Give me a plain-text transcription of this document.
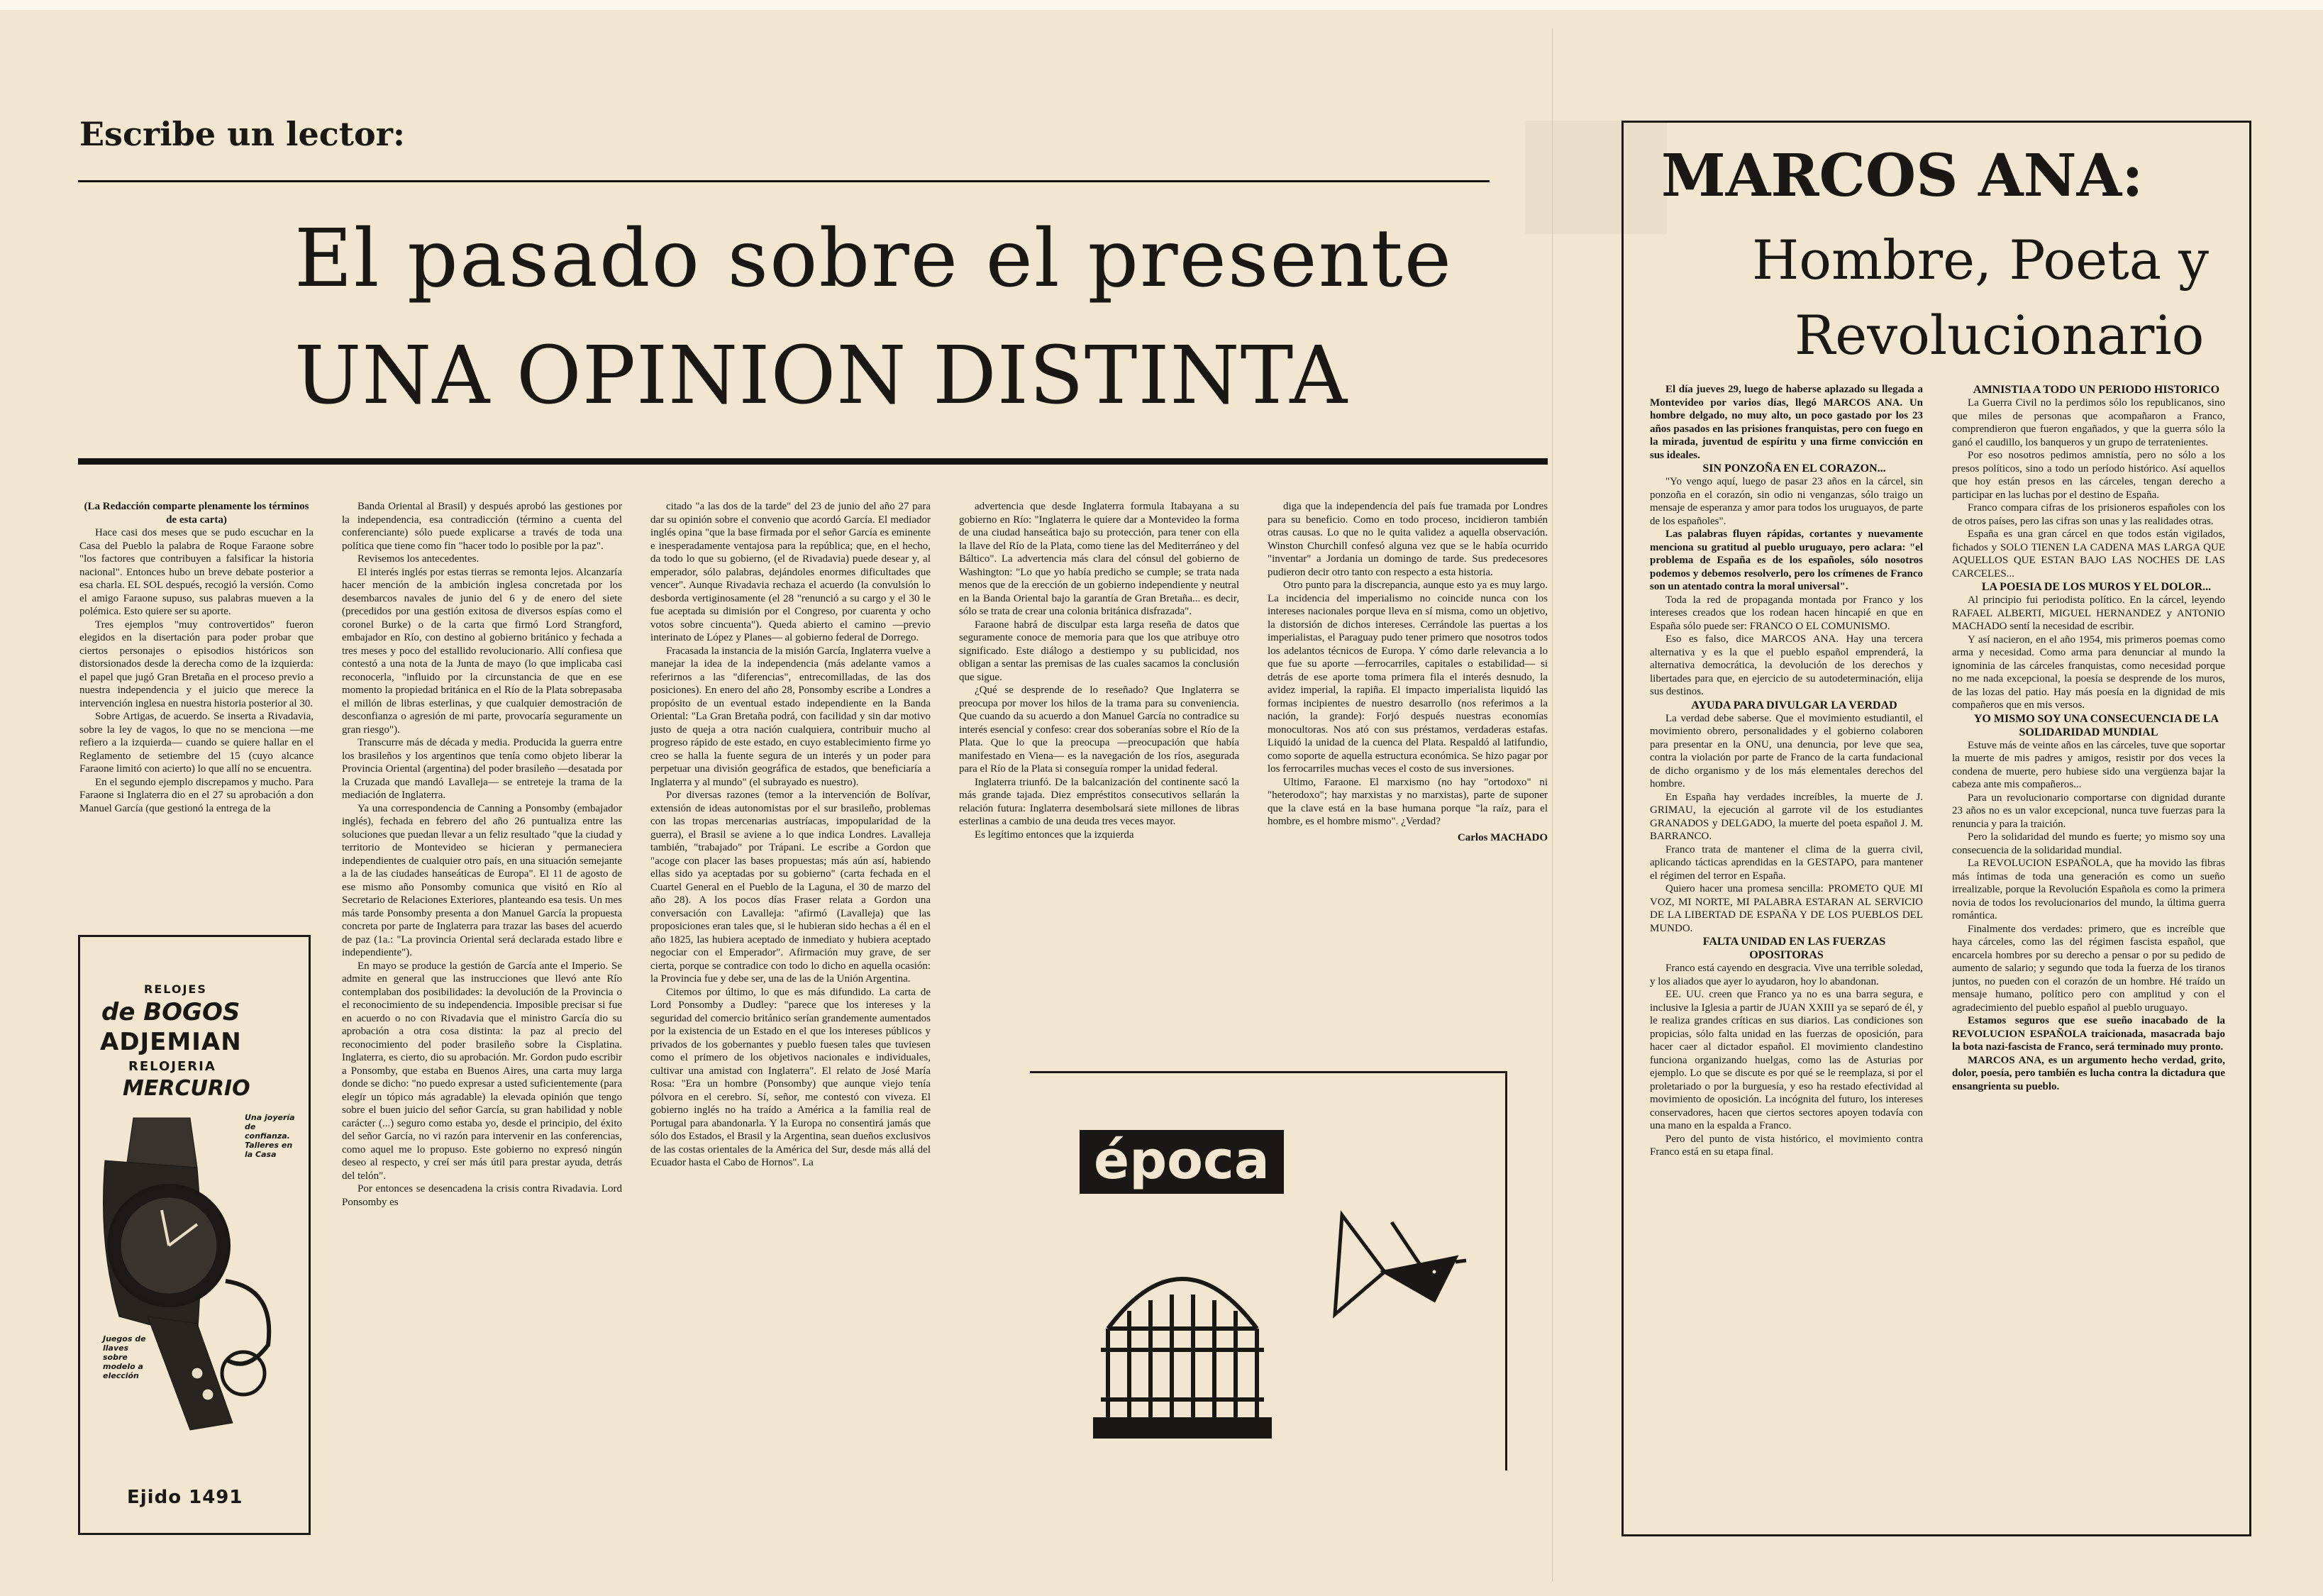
Escribe un lector:
El pasado sobre el presente
UNA OPINION DISTINTA

(La Redacción comparte plenamente los términos de esta carta)

Hace casi dos meses que se pudo escuchar en la Casa del Pueblo la palabra de Roque Faraone sobre "los factores que contribuyen a falsificar la historia nacional". Entonces hubo un breve debate posterior a esa charla. EL SOL después, recogió la versión. Como el amigo Faraone supuso, sus palabras mueven a la polémica. Esto quiere ser su aporte.

Tres ejemplos "muy controvertidos" fueron elegidos en la disertación para poder probar que ciertos personajes o episodios históricos son distorsionados desde la derecha como de la izquierda: el papel que jugó Gran Bretaña en el proceso previo a nuestra independencia y el juicio que merece la intervención inglesa en nuestra historia posterior al 30.

Sobre Artigas, de acuerdo. Se inserta a Rivadavia, sobre la ley de vagos, lo que no se menciona —me refiero a la izquierda— cuando se quiere hallar en el Reglamento de setiembre del 15 (cuyo alcance Faraone limitó con acierto) lo que allí no se encuentra.

En el segundo ejemplo discrepamos y mucho. Para Faraone si Inglaterra dio en el 27 su aprobación a don Manuel García (que gestionó la entrega de la

RELOJES
de BOGOS
ADJEMIAN
RELOJERIA
MERCURIO
Una joyería de confianza. Talleres en la Casa
Juegos de llaves sobre modelo a elección
Ejido 1491

Banda Oriental al Brasil) y después aprobó las gestiones por la independencia, esa contradicción (término a cuenta del conferenciante) sólo puede explicarse a través de toda una política que tiene como fin "hacer todo lo posible por la paz".

Revisemos los antecedentes.

El interés inglés por estas tierras se remonta lejos. Alcanzaría hacer mención de la ambición inglesa concretada por los desembarcos navales de junio del 6 y de enero del siete (precedidos por una gestión exitosa de diversos espías como el coronel Burke) o de la carta que firmó Lord Strangford, embajador en Río, con destino al gobierno británico y fechada a tres meses y poco del estallido revolucionario. Allí confiesa que contestó a una nota de la Junta de mayo (lo que implicaba casi reconocerla, "influido por la circunstancia de que en ese momento la propiedad británica en el Río de la Plata sobrepasaba el millón de libras esterlinas, y que cualquier demostración de desconfianza o agresión de mi parte, provocaría seguramente un gran riesgo").

Transcurre más de década y media. Producida la guerra entre los brasileños y los argentinos que tenía como objeto liberar la Provincia Oriental (argentina) del poder brasileño —desatada por la Cruzada que mandó Lavalleja— se entreteje la trama de la mediación de Inglaterra.

Ya una correspondencia de Canning a Ponsomby (embajador inglés), fechada en febrero del año 26 puntualiza entre las soluciones que puedan llevar a un feliz resultado "que la ciudad y territorio de Montevideo se hicieran y permaneciera independientes de cualquier otro país, en una situación semejante a la de las ciudades hanseáticas de Europa". El 11 de agosto de ese mismo año Ponsomby comunica que visitó en Río al Secretario de Relaciones Exteriores, planteando esa tesis. Un mes más tarde Ponsomby presenta a don Manuel García la propuesta concreta por parte de Inglaterra para trazar las bases del acuerdo de paz (1a.: "La provincia Oriental será declarada estado libre e independiente").

En mayo se produce la gestión de García ante el Imperio. Se admite en general que las instrucciones que llevó ante Río contemplaban dos posibilidades: la devolución de la Provincia o el reconocimiento de su independencia. Imposible precisar si fue en acuerdo o no con Rivadavia que el ministro García dio su aprobación a otra cosa distinta: la paz al precio del reconocimiento del poder brasileño sobre la Cisplatina. Inglaterra, es cierto, dio su aprobación. Mr. Gordon pudo escribir a Ponsomby, que estaba en Buenos Aires, una carta muy larga donde se dicho: "no puedo expresar a usted suficientemente (para elegir un tópico más agradable) la elevada opinión que tengo sobre el buen juicio del señor García, su gran habilidad y noble carácter (...) seguro como estaba yo, desde el principio, del éxito del señor García, no vi razón para intervenir en las conferencias, como aquel me lo propuso. Este gobierno no expresó ningún deseo al respecto, y creí ser más útil para prestar ayuda, detrás del telón".

Por entonces se desencadena la crisis contra Rivadavia. Lord Ponsomby es

citado "a las dos de la tarde" del 23 de junio del año 27 para dar su opinión sobre el convenio que acordó García. El mediador inglés opina "que la base firmada por el señor García es eminente e inesperadamente ventajosa para la república; que, en el hecho, da todo lo que su gobierno, (el de Rivadavia) puede desear y, al emperador, sólo palabras, dejándoles enormes dificultades que vencer". Aunque Rivadavia rechaza el acuerdo (la convulsión lo desborda vertiginosamente (el 28 "renunció a su cargo y el 30 le fue aceptada su dimisión por el Congreso, por cuarenta y ocho votos sobre cincuenta"). Queda abierto el camino —previo interinato de López y Planes— al gobierno federal de Dorrego.

Fracasada la instancia de la misión García, Inglaterra vuelve a manejar la idea de la independencia (más adelante vamos a referirnos a las "diferencias", entrecomilladas, de las dos posiciones). En enero del año 28, Ponsomby escribe a Londres a propósito de un eventual estado independiente en la Banda Oriental: "La Gran Bretaña podrá, con facilidad y sin dar motivo justo de queja a otra nación cualquiera, contribuir mucho al progreso rápido de este estado, en cuyo establecimiento firme yo creo se halla la fuente segura de un interés y un poder para perpetuar una división geográfica de estados, que beneficiaría a Inglaterra y al mundo" (el subrayado es nuestro).

Por diversas razones (temor a la intervención de Bolívar, extensión de ideas autonomistas por el sur brasileño, problemas con las tropas mercenarias austríacas, impopularidad de la guerra), el Brasil se aviene a lo que indica Londres. Lavalleja también, "trabajado" por Trápani. Le escribe a Gordon que "acoge con placer las bases propuestas; más aún así, habiendo ellas sido ya aceptadas por su gobierno" (carta fechada en el Cuartel General en el Pueblo de la Laguna, el 30 de marzo del año 28). A los pocos días Fraser relata a Gordon una conversación con Lavalleja: "afirmó (Lavalleja) que las proposiciones eran tales que, si le hubieran sido hechas a él en el año 1825, las hubiera aceptado de inmediato y hubiera aceptado negociar con el Emperador". Afirmación muy grave, de ser cierta, porque se contradice con todo lo dicho en aquella ocasión: la Provincia fue y debe ser, una de las de la Unión Argentina.

Citemos por último, lo que es más difundido. La carta de Lord Ponsomby a Dudley: "parece que los intereses y la seguridad del comercio británico serían grandemente aumentados por la existencia de un Estado en el que los intereses públicos y privados de los gobernantes y pueblo fuesen tales que tuviesen como el primero de los objetivos nacionales e individuales, cultivar una amistad con Inglaterra". El relato de José María Rosa: "Era un hombre (Ponsomby) que aunque viejo tenía pólvora en el cerebro. Sí, señor, me contestó con viveza. El gobierno inglés no ha traído a América a la familia real de Portugal para abandonarla. Y la Europa no consentirá jamás que sólo dos Estados, el Brasil y la Argentina, sean dueños exclusivos de las costas orientales de la América del Sur, desde más allá del Ecuador hasta el Cabo de Hornos". La

advertencia que desde Inglaterra formula Itabayana a su gobierno en Río: "Inglaterra le quiere dar a Montevideo la forma de una ciudad hanseática bajo su protección, para tener con ella la llave del Río de la Plata, como tiene las del Mediterráneo y del Báltico". La advertencia más clara del cónsul del gobierno de Washington: "Lo que yo había predicho se cumple; se trata nada menos que de la erección de un gobierno independiente y neutral en la Banda Oriental bajo la garantía de Gran Bretaña... es decir, sólo se trata de crear una colonia británica disfrazada".

Faraone habrá de disculpar esta larga reseña de datos que seguramente conoce de memoria para que los que atribuye otro significado. Este diálogo a destiempo y su publicidad, nos obligan a sentar las premisas de las cuales sacamos la conclusión que sigue.

¿Qué se desprende de lo reseñado? Que Inglaterra se preocupa por mover los hilos de la trama para su conveniencia. Que cuando da su acuerdo a don Manuel García no contradice su interés esencial y confeso: crear dos soberanías sobre el Río de la Plata. Que lo que la preocupa —preocupación que había manifestado en Viena— es la navegación de los ríos, asegurada para el Río de la Plata si conseguía romper la unidad federal.

Inglaterra triunfó. De la balcanización del continente sacó la más grande tajada. Diez empréstitos consecutivos sellarán la relación futura: Inglaterra desembolsará siete millones de libras esterlinas a cambio de una deuda tres veces mayor.

Es legítimo entonces que la izquierda

diga que la independencia del país fue tramada por Londres para su beneficio. Como en todo proceso, incidieron también otras causas. Lo que no le quita validez a aquella observación. Winston Churchill confesó alguna vez que se le había ocurrido "inventar" a Jordania un domingo de tarde. Sus predecesores pudieron decir otro tanto con respecto a esta historia.

Otro punto para la discrepancia, aunque esto ya es muy largo. La incidencia del imperialismo no coincide nunca con los intereses nacionales porque lleva en sí misma, como un objetivo, la distorsión de dichos intereses. Cerrándole las puertas a los imperialistas, el Paraguay pudo tener primero que nosotros todos los adelantos técnicos de Europa. Y cómo darle relevancia a lo que fue su aporte —ferrocarriles, capitales o estabilidad— si detrás de ese aporte toma primera fila el interés desnudo, la avidez imperial, la rapiña. El impacto imperialista liquidó las formas incipientes de nuestro desarrollo (nos referimos a la nación, la grande): Forjó después nuestras economías monocultoras. Nos ató con sus préstamos, verdaderas estafas. Liquidó la unidad de la cuenca del Plata. Respaldó al latifundio, como soporte de aquella estructura económica. Se hizo pagar por los ferrocarriles muchas veces el costo de sus inversiones.

Ultimo, Faraone. El marxismo (no hay "ortodoxo" ni "heterodoxo"; hay marxistas y no marxistas), parte de suponer que la clave está en la base humana porque "la raíz, para el hombre, es el hombre mismo". ¿Verdad?

Carlos MACHADO

época
MARCOS ANA:
Hombre, Poeta y
Revolucionario

El día jueves 29, luego de haberse aplazado su llegada a Montevideo por varios días, llegó MARCOS ANA. Un hombre delgado, no muy alto, un poco gastado por los 23 años pasados en las prisiones franquistas, pero con fuego en la mirada, juventud de espíritu y una firme convicción en sus ideales.

SIN PONZOÑA EN EL CORAZON...

"Yo vengo aquí, luego de pasar 23 años en la cárcel, sin ponzoña en el corazón, sin odio ni venganzas, sólo traigo un mensaje de esperanza y amor para todos los uruguayos, de parte de los españoles".

Las palabras fluyen rápidas, cortantes y nuevamente menciona su gratitud al pueblo uruguayo, pero aclara: "el problema de España es de los españoles, sólo nosotros podemos y debemos resolverlo, pero los crímenes de Franco son un atentado contra la moral universal".

Toda la red de propaganda montada por Franco y los intereses creados que los rodean hacen hincapié en que en España sólo puede ser: FRANCO O EL COMUNISMO.

Eso es falso, dice MARCOS ANA. Hay una tercera alternativa y es la que el pueblo español emprenderá, la alternativa democrática, la devolución de los derechos y libertades para que, en ejercicio de su autodeterminación, elija sus destinos.

AYUDA PARA DIVULGAR LA VERDAD

La verdad debe saberse. Que el movimiento estudiantil, el movimiento obrero, personalidades y el gobierno colaboren para presentar en la ONU, una denuncia, por leve que sea, contra la violación por parte de Franco de la carta fundacional de dicho organismo y de los más elementales derechos del hombre.

En España hay verdades increíbles, la muerte de J. GRIMAU, la ejecución al garrote vil de los estudiantes GRANADOS y DELGADO, la muerte del poeta español J. M. BARRANCO.

Franco trata de mantener el clima de la guerra civil, aplicando tácticas aprendidas en la GESTAPO, para mantener el régimen del terror en España.

Quiero hacer una promesa sencilla: PROMETO QUE MI VOZ, MI NORTE, MI PALABRA ESTARAN AL SERVICIO DE LA LIBERTAD DE ESPAÑA Y DE LOS PUEBLOS DEL MUNDO.

FALTA UNIDAD EN LAS FUERZAS OPOSITORAS

Franco está cayendo en desgracia. Vive una terrible soledad, y los aliados que ayer lo ayudaron, hoy lo abandonan.

EE. UU. creen que Franco ya no es una barra segura, e inclusive la Iglesia a partir de JUAN XXIII ya se separó de él, y le realiza grandes críticas en sus diarios. Las condiciones son propicias, sólo falta unidad en las fuerzas de oposición, para hacer caer al dictador español. El movimiento clandestino funciona organizando huelgas, como las de Asturias por ejemplo. Lo que se discute es por qué se le reemplaza, si por el proletariado o por la burguesía, y eso ha restado efectividad al movimiento de oposición. La incógnita del futuro, los intereses conservadores, hacen que ciertos sectores apoyen todavía con una mano en la espalda a Franco.

Pero del punto de vista histórico, el movimiento contra Franco está en su etapa final.

AMNISTIA A TODO UN PERIODO HISTORICO

La Guerra Civil no la perdimos sólo los republicanos, sino que miles de personas que acompañaron a Franco, comprendieron que fueron engañados, y que la guerra sólo la ganó el caudillo, los banqueros y un grupo de terratenientes.

Por eso nosotros pedimos amnistía, pero no sólo a los presos políticos, sino a todo un período histórico. Así aquellos que hoy están presos en las cárceles, tengan derecho a participar en las luchas por el destino de España.

Franco compara cifras de los prisioneros españoles con los de otros países, pero las cifras son unas y las realidades otras.

España es una gran cárcel en que todos están vigilados, fichados y SOLO TIENEN LA CADENA MAS LARGA QUE AQUELLOS QUE ESTAN BAJO LAS NOCHES DE LAS CARCELES...

LA POESIA DE LOS MUROS Y EL DOLOR...

Al principio fui periodista político. En la cárcel, leyendo RAFAEL ALBERTI, MIGUEL HERNANDEZ y ANTONIO MACHADO sentí la necesidad de escribir.

Y así nacieron, en el año 1954, mis primeros poemas como arma y necesidad. Como arma para denunciar al mundo la ignominia de las cárceles franquistas, como necesidad porque no me nada excepcional, la poesía se desprende de los muros, de las lozas del patio. Hay más poesía en la dignidad de mis compañeros que en mis versos.

YO MISMO SOY UNA CONSECUENCIA DE LA SOLIDARIDAD MUNDIAL

Estuve más de veinte años en las cárceles, tuve que soportar la muerte de mis padres y amigos, resistir por dos veces la condena de muerte, pero hubiese sido una vergüenza bajar la cabeza ante mis compañeros...

Para un revolucionario comportarse con dignidad durante 23 años no es un valor excepcional, nunca tuve fuerzas para la renuncia y para la traición.

Pero la solidaridad del mundo es fuerte; yo mismo soy una consecuencia de la solidaridad mundial.

La REVOLUCION ESPAÑOLA, que ha movido las fibras más íntimas de toda una generación es como un sueño irrealizable, porque la Revolución Española es como la primera novia de todos los revolucionarios del mundo, la última guerra romántica.

Finalmente dos verdades: primero, que es increíble que haya cárceles, como las del régimen fascista español, que encarcela hombres por su derecho a pensar o por su pedido de aumento de salario; y segundo que toda la fuerza de los tiranos juntos, no pueden con el corazón de un hombre. Hé traído un mensaje humano, político pero con amplitud y con el agradecimiento del pueblo español al pueblo uruguayo.

Estamos seguros que ese sueño inacabado de la REVOLUCION ESPAÑOLA traicionada, masacrada bajo la bota nazi-fascista de Franco, será terminado muy pronto.

MARCOS ANA, es un argumento hecho verdad, grito, dolor, poesía, pero también es lucha contra la dictadura que ensangrienta su pueblo.
